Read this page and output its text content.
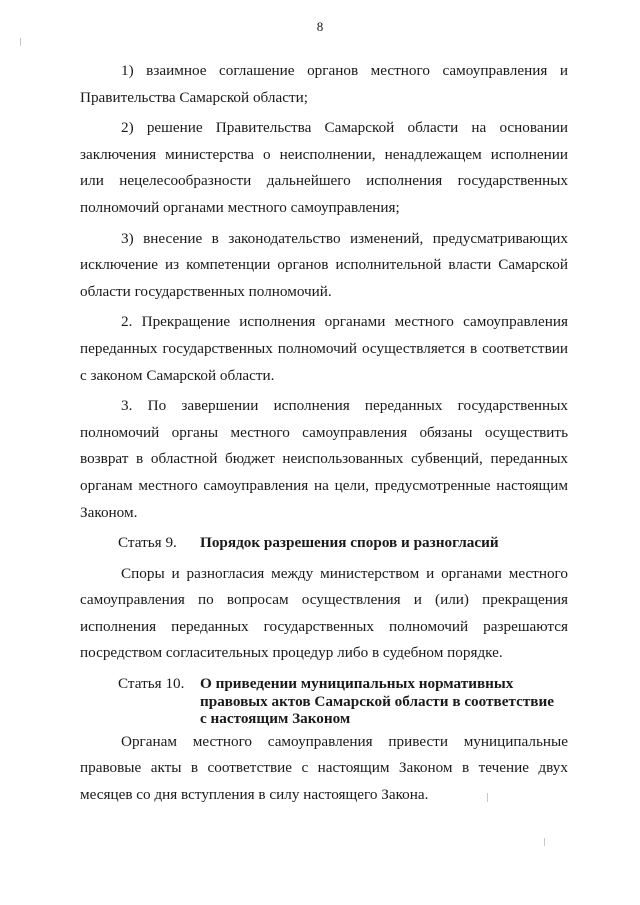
8

1) взаимное соглашение органов местного самоуправления и Правительства Самарской области;

2) решение Правительства Самарской области на основании заключения министерства о неисполнении, ненадлежащем исполнении или нецелесообразности дальнейшего исполнения государственных полномочий органами местного самоуправления;

3) внесение в законодательство изменений, предусматривающих исключение из компетенции органов исполнительной власти Самарской области государственных полномочий.

2. Прекращение исполнения органами местного самоуправления переданных государственных полномочий осуществляется в соответствии с законом Самарской области.

3. По завершении исполнения переданных государственных полномочий органы местного самоуправления обязаны осуществить возврат в областной бюджет неиспользованных субвенций, переданных органам местного самоуправления на цели, предусмотренные настоящим Законом.

Статья 9.	Порядок разрешения споров и разногласий

Споры и разногласия между министерством и органами местного самоуправления по вопросам осуществления и (или) прекращения исполнения переданных государственных полномочий разрешаются посредством согласительных процедур либо в судебном порядке.

Статья 10.	О приведении муниципальных нормативных правовых актов Самарской области в соответствие с настоящим Законом

Органам местного самоуправления привести муниципальные правовые акты в соответствие с настоящим Законом в течение двух месяцев со дня вступления в силу настоящего Закона.
